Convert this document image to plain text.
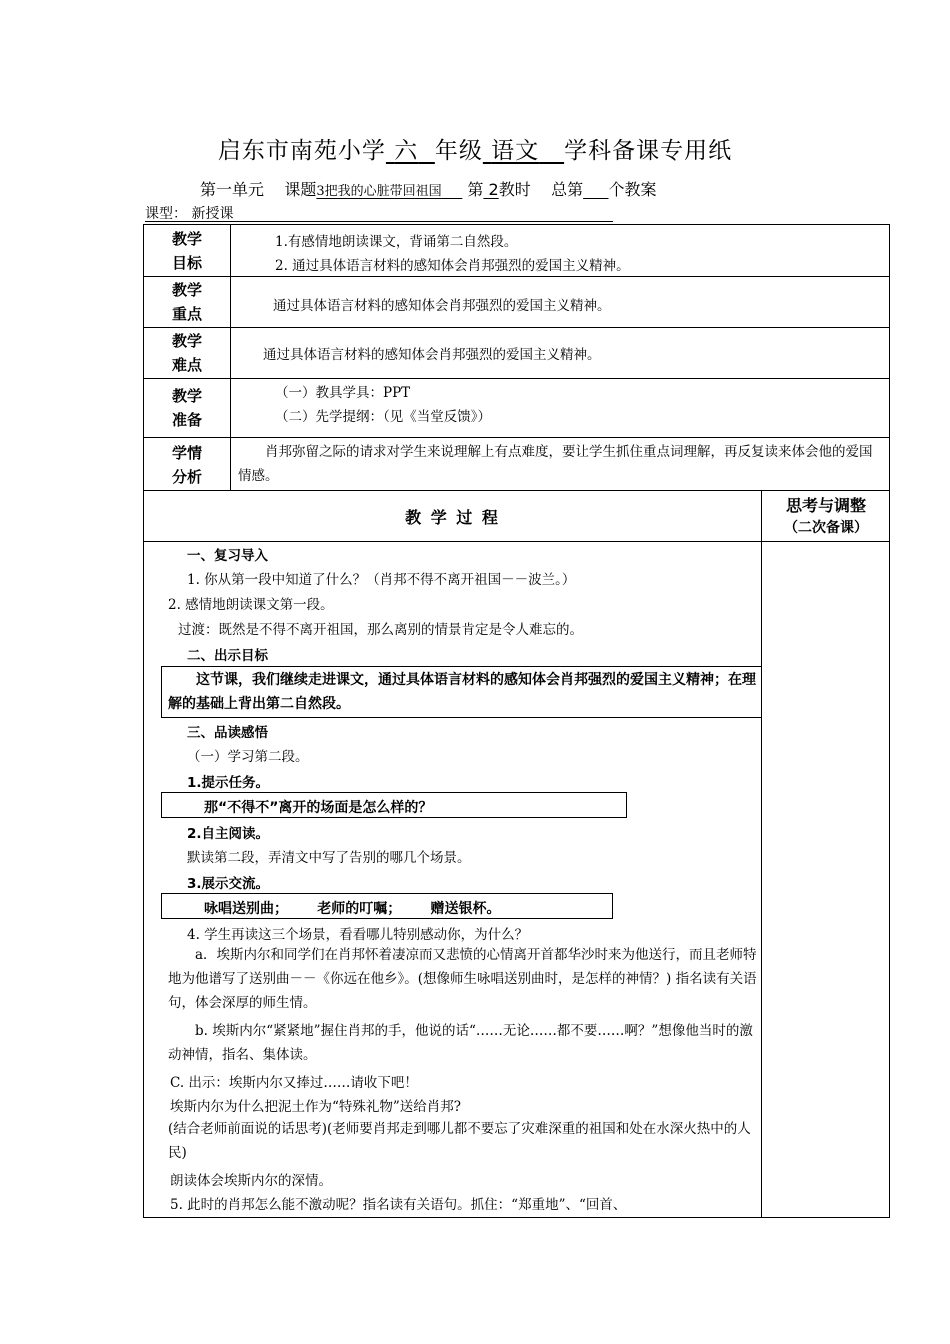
启东市南苑小学 六 年级 语文 学科备课专用纸
第一单元 课题3把我的心脏带回祖国 第 2教时 总第 个教案
课型： 新授课
教学
目标
1.有感情地朗读课文，背诵第二自然段。
2. 通过具体语言材料的感知体会肖邦强烈的爱国主义精神。
教学
重点	通过具体语言材料的感知体会肖邦强烈的爱国主义精神。
教学
难点
通过具体语言材料的感知体会肖邦强烈的爱国主义精神。
教学
准备
（一）教具学具：PPT
（二）先学提纲：（见《当堂反馈》）
学情
分析
肖邦弥留之际的请求对学生来说理解上有点难度，要让学生抓住重点词理解，再反复读来体会他的爱国情感。
教 学 过 程
思考与调整
（二次备课）
一、复习导入
1. 你从第一段中知道了什么？（肖邦不得不离开祖国－－波兰。）
2. 感情地朗读课文第一段。
过渡：既然是不得不离开祖国，那么离别的情景肯定是令人难忘的。
二、出示目标
这节课，我们继续走进课文，通过具体语言材料的感知体会肖邦强烈的爱国主义精神；在理解的基础上背出第二自然段。
三、品读感悟
（一）学习第二段。
1.提示任务。
那“不得不”离开的场面是怎么样的？
2.自主阅读。
默读第二段，弄清文中写了告别的哪几个场景。
3.展示交流。
咏唱送别曲；      老师的叮嘱；      赠送银杯。
4. 学生再读这三个场景，看看哪儿特别感动你，为什么？
a．埃斯内尔和同学们在肖邦怀着凄凉而又悲愤的心情离开首都华沙时来为他送行，而且老师特地为他谱写了送别曲－－《你远在他乡》。(想像师生咏唱送别曲时，是怎样的神情？) 指名读有关语句，体会深厚的师生情。
b. 埃斯内尔“紧紧地”握住肖邦的手，他说的话“……无论……都不要……啊？”想像他当时的激动神情，指名、集体读。
C. 出示：埃斯内尔又捧过……请收下吧！
埃斯内尔为什么把泥土作为“特殊礼物”送给肖邦?
(结合老师前面说的话思考)(老师要肖邦走到哪儿都不要忘了灾难深重的祖国和处在水深火热中的人民)
朗读体会埃斯内尔的深情。
5. 此时的肖邦怎么能不激动呢？指名读有关语句。抓住：“郑重地”、“回首、
